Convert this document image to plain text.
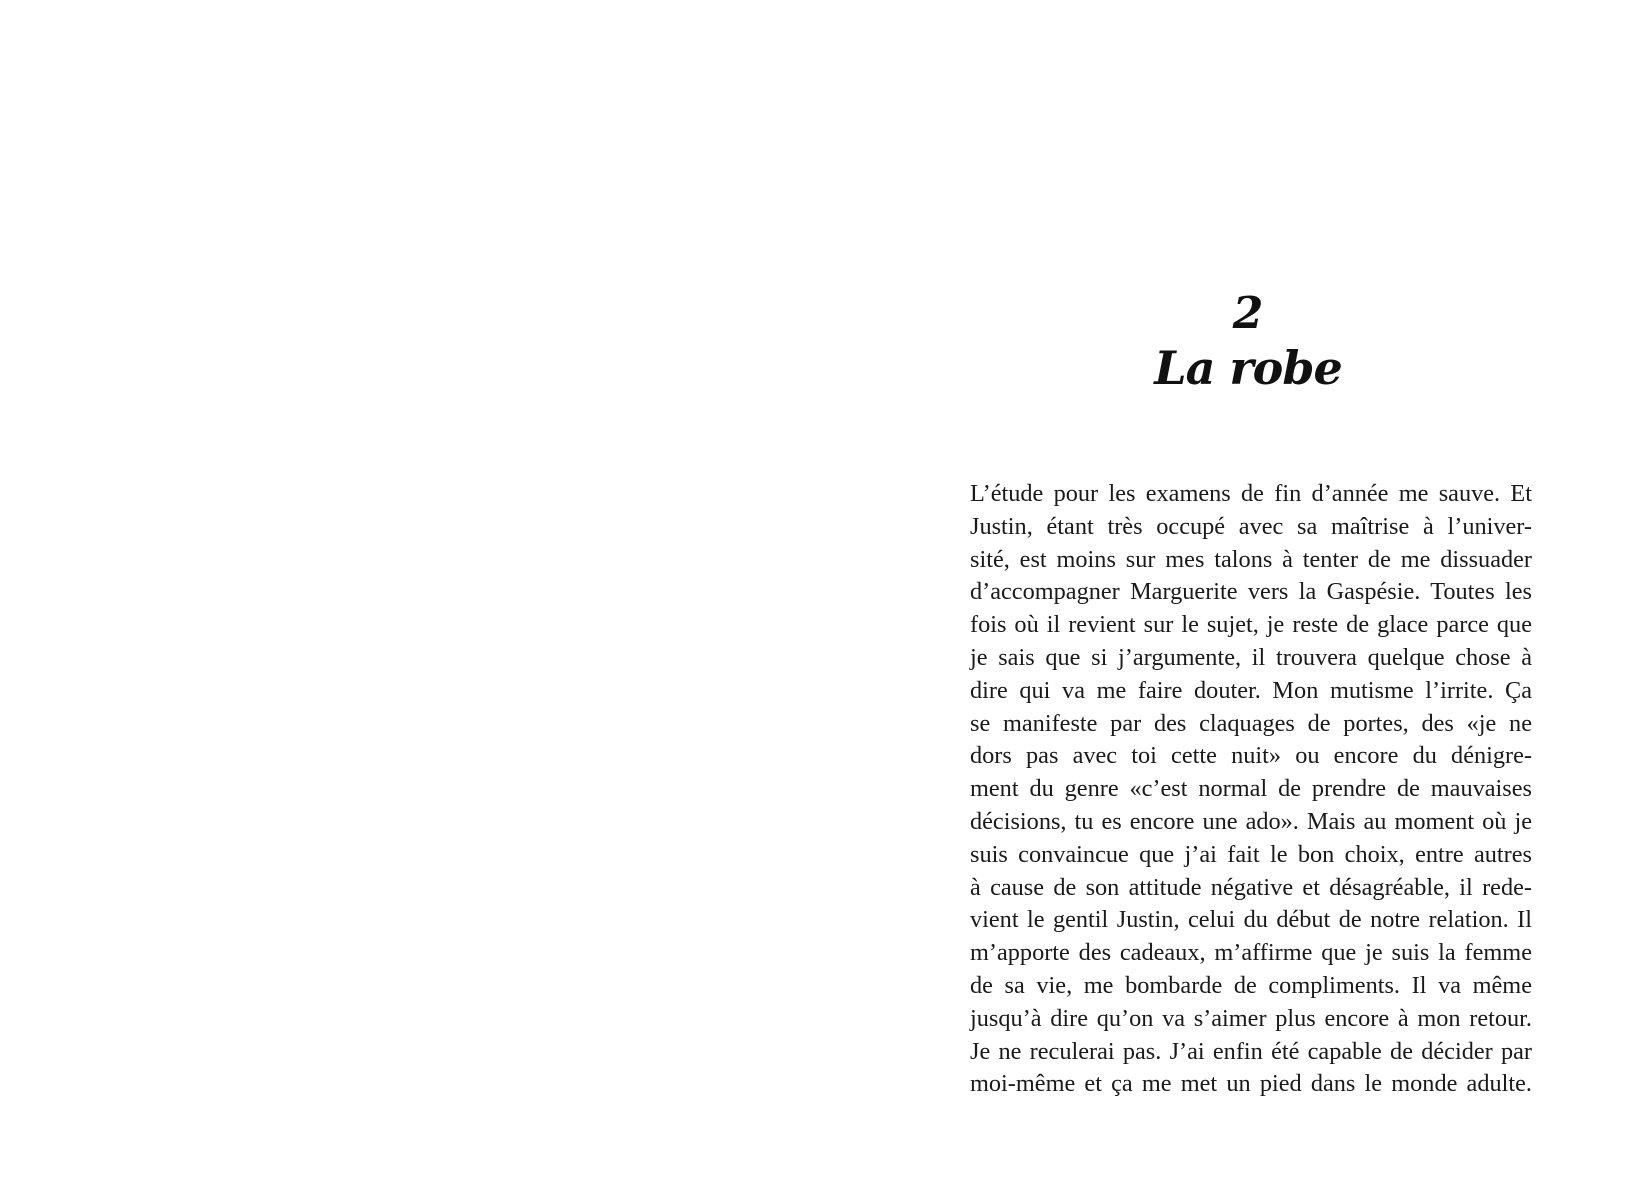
2
La robe
L’étude pour les examens de fin d’année me sauve. Et
Justin, étant très occupé avec sa maîtrise à l’univer-
sité, est moins sur mes talons à tenter de me dissuader
d’accompagner Marguerite vers la Gaspésie. Toutes les
fois où il revient sur le sujet, je reste de glace parce que
je sais que si j’argumente, il trouvera quelque chose à
dire qui va me faire douter. Mon mutisme l’irrite. Ça
se manifeste par des claquages de portes, des «je ne
dors pas avec toi cette nuit» ou encore du dénigre-
ment du genre «c’est normal de prendre de mauvaises
décisions, tu es encore une ado». Mais au moment où je
suis convaincue que j’ai fait le bon choix, entre autres
à cause de son attitude négative et désagréable, il rede-
vient le gentil Justin, celui du début de notre relation. Il
m’apporte des cadeaux, m’affirme que je suis la femme
de sa vie, me bombarde de compliments. Il va même
jusqu’à dire qu’on va s’aimer plus encore à mon retour.
Je ne reculerai pas. J’ai enfin été capable de décider par
moi-même et ça me met un pied dans le monde adulte.
